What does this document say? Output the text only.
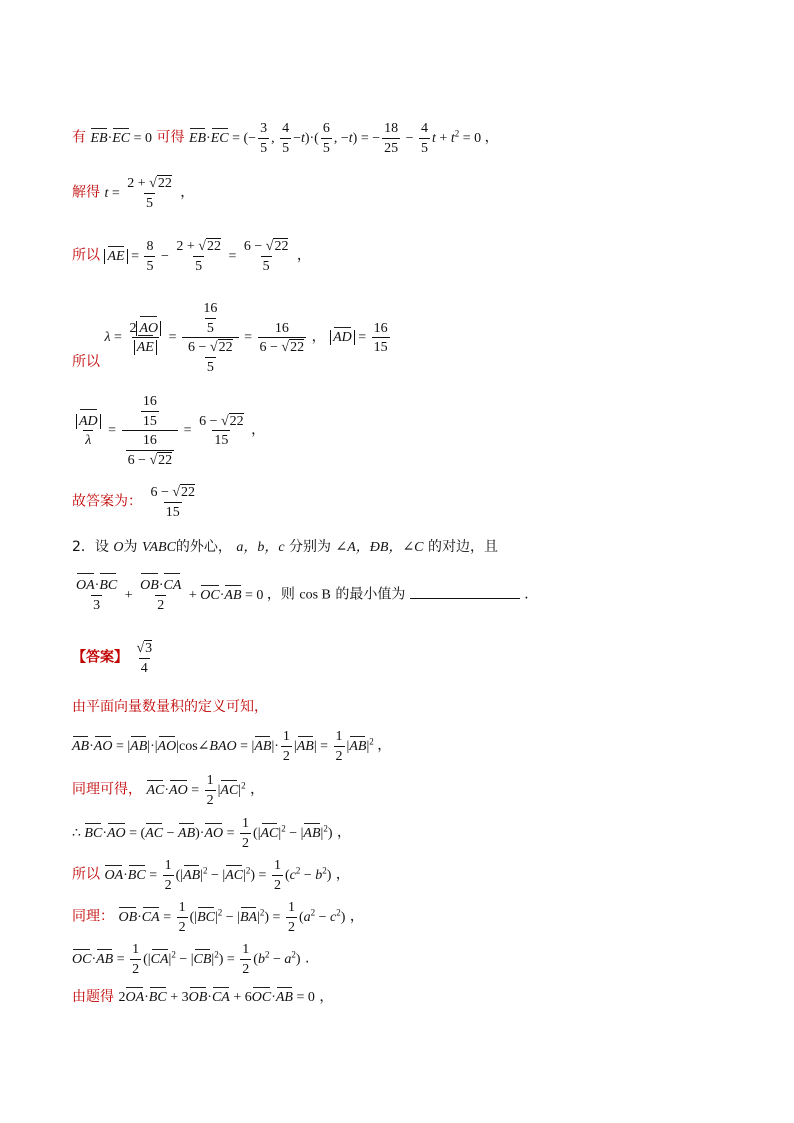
有 EB·EC = 0 可得 EB·EC = (− $\frac{3}{5}$ , $\frac{4}{5} -t)\cdot( \frac{6}{5}$ , −t) = − $\frac{18}{25} - \frac{4}{5}$ $t + t^2 = 0$ ，
解得 $t = \frac{2 + √22}{5}$ ，
所以 AE = $\frac{8}{5} - \frac{2 + √22}{5} = \frac{6 - √22}{5}$ ，
所以 $\lambda = \frac{2 AO}{AE} = \frac{\frac{16}{5}}{\frac{6 - √22}{5}} = \frac{16}{6 - √22}$ ， AD = $\frac{16}{15}$
$\frac{AD}{\lambda} = \frac{\frac{16}{15}}{\frac{16}{6 - √22}} = \frac{6 - √22}{15}$ ，
故答案为： $\frac{6 - √22}{15}$
2．设 O为 VABC的外心， a，b，c 分别为 ∠A，ÐB，∠C 的对边，且
$\frac{OA\cdot BC}{3} + \frac{OB\cdot CA}{2} + OC\cdot AB = 0$ ，则 cos B 的最小值为	．
【答案】 $\frac{√3}{4}$
由平面向量数量积的定义可知，
AB·AO = |AB|·|AO|cos∠BAO = $|AB|\cdot \frac{1}{2} |AB| = \frac{1}{2} |AB|^2$ ，
同理可得， $AC\cdot AO = \frac{1}{2} |AC|^2$ ，
∴ $BC\cdot AO = (AC - AB)\cdot AO = \frac{1}{2} (|AC|^2 - |AB|^2)$ ，
所以 $OA\cdot BC = \frac{1}{2} (|AB|^2 - |AC|^2) = \frac{1}{2} (c^2 - b^2)$ ，
同理： $OB\cdot CA = \frac{1}{2} (|BC|^2 - |BA|^2) = \frac{1}{2} (a^2 - c^2)$ ，
$OC\cdot AB = \frac{1}{2} (|CA|^2 - |CB|^2) = \frac{1}{2} (b^2 - a^2)$ .
由题得 2OA·BC + 3OB·CA + 6OC·AB = 0 ，
